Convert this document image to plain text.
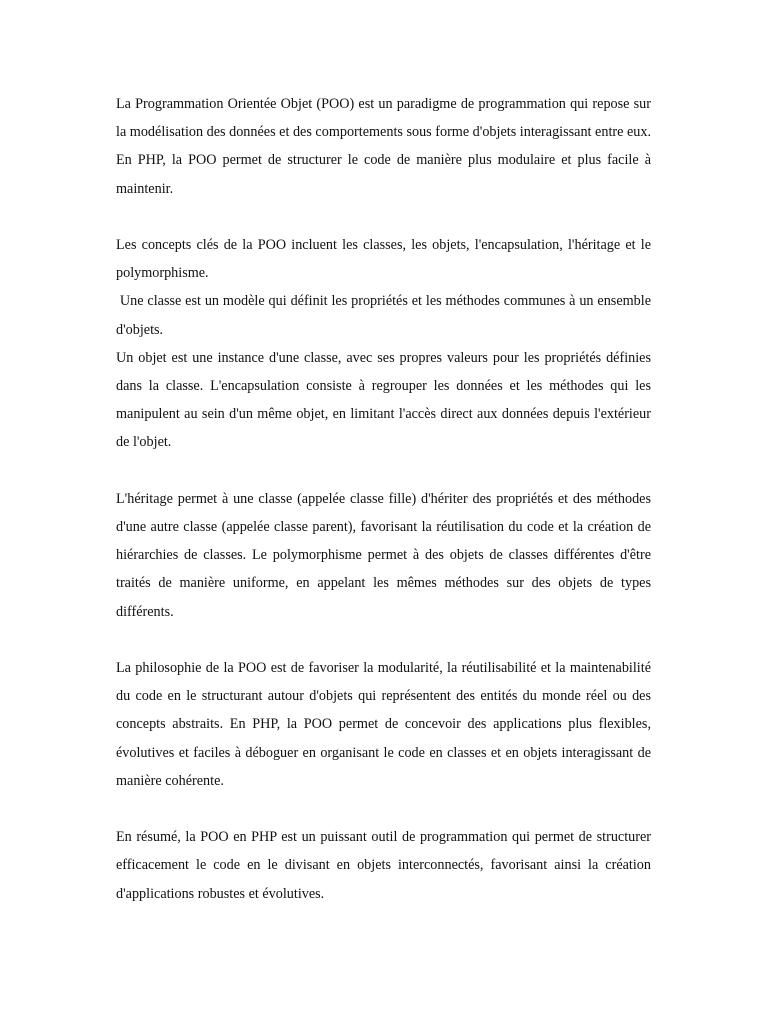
La Programmation Orientée Objet (POO) est un paradigme de programmation qui repose sur la modélisation des données et des comportements sous forme d'objets interagissant entre eux. En PHP, la POO permet de structurer le code de manière plus modulaire et plus facile à maintenir.

Les concepts clés de la POO incluent les classes, les objets, l'encapsulation, l'héritage et le polymorphisme.

Une classe est un modèle qui définit les propriétés et les méthodes communes à un ensemble d'objets.

Un objet est une instance d'une classe, avec ses propres valeurs pour les propriétés définies dans la classe. L'encapsulation consiste à regrouper les données et les méthodes qui les manipulent au sein d'un même objet, en limitant l'accès direct aux données depuis l'extérieur de l'objet.

L'héritage permet à une classe (appelée classe fille) d'hériter des propriétés et des méthodes d'une autre classe (appelée classe parent), favorisant la réutilisation du code et la création de hiérarchies de classes. Le polymorphisme permet à des objets de classes différentes d'être traités de manière uniforme, en appelant les mêmes méthodes sur des objets de types différents.

La philosophie de la POO est de favoriser la modularité, la réutilisabilité et la maintenabilité du code en le structurant autour d'objets qui représentent des entités du monde réel ou des concepts abstraits. En PHP, la POO permet de concevoir des applications plus flexibles, évolutives et faciles à déboguer en organisant le code en classes et en objets interagissant de manière cohérente.

En résumé, la POO en PHP est un puissant outil de programmation qui permet de structurer efficacement le code en le divisant en objets interconnectés, favorisant ainsi la création d'applications robustes et évolutives.
